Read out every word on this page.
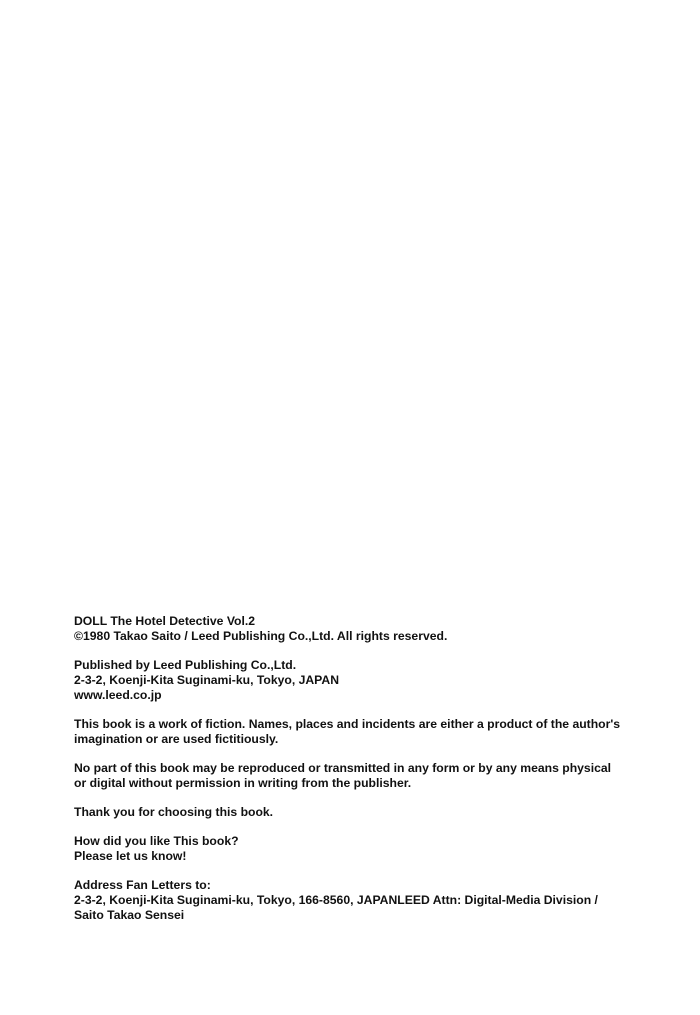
DOLL The Hotel Detective Vol.2
©1980 Takao Saito / Leed Publishing Co.,Ltd. All rights reserved.
Published by Leed Publishing Co.,Ltd.
2-3-2, Koenji-Kita Suginami-ku, Tokyo, JAPAN
www.leed.co.jp
This book is a work of fiction. Names, places and incidents are either a product of the author's
imagination or are used fictitiously.
No part of this book may be reproduced or transmitted in any form or by any means physical
or digital without permission in writing from the publisher.
Thank you for choosing this book.
How did you like This book?
Please let us know!
Address Fan Letters to:
2-3-2, Koenji-Kita Suginami-ku, Tokyo, 166-8560, JAPANLEED Attn: Digital-Media Division /
Saito Takao Sensei
